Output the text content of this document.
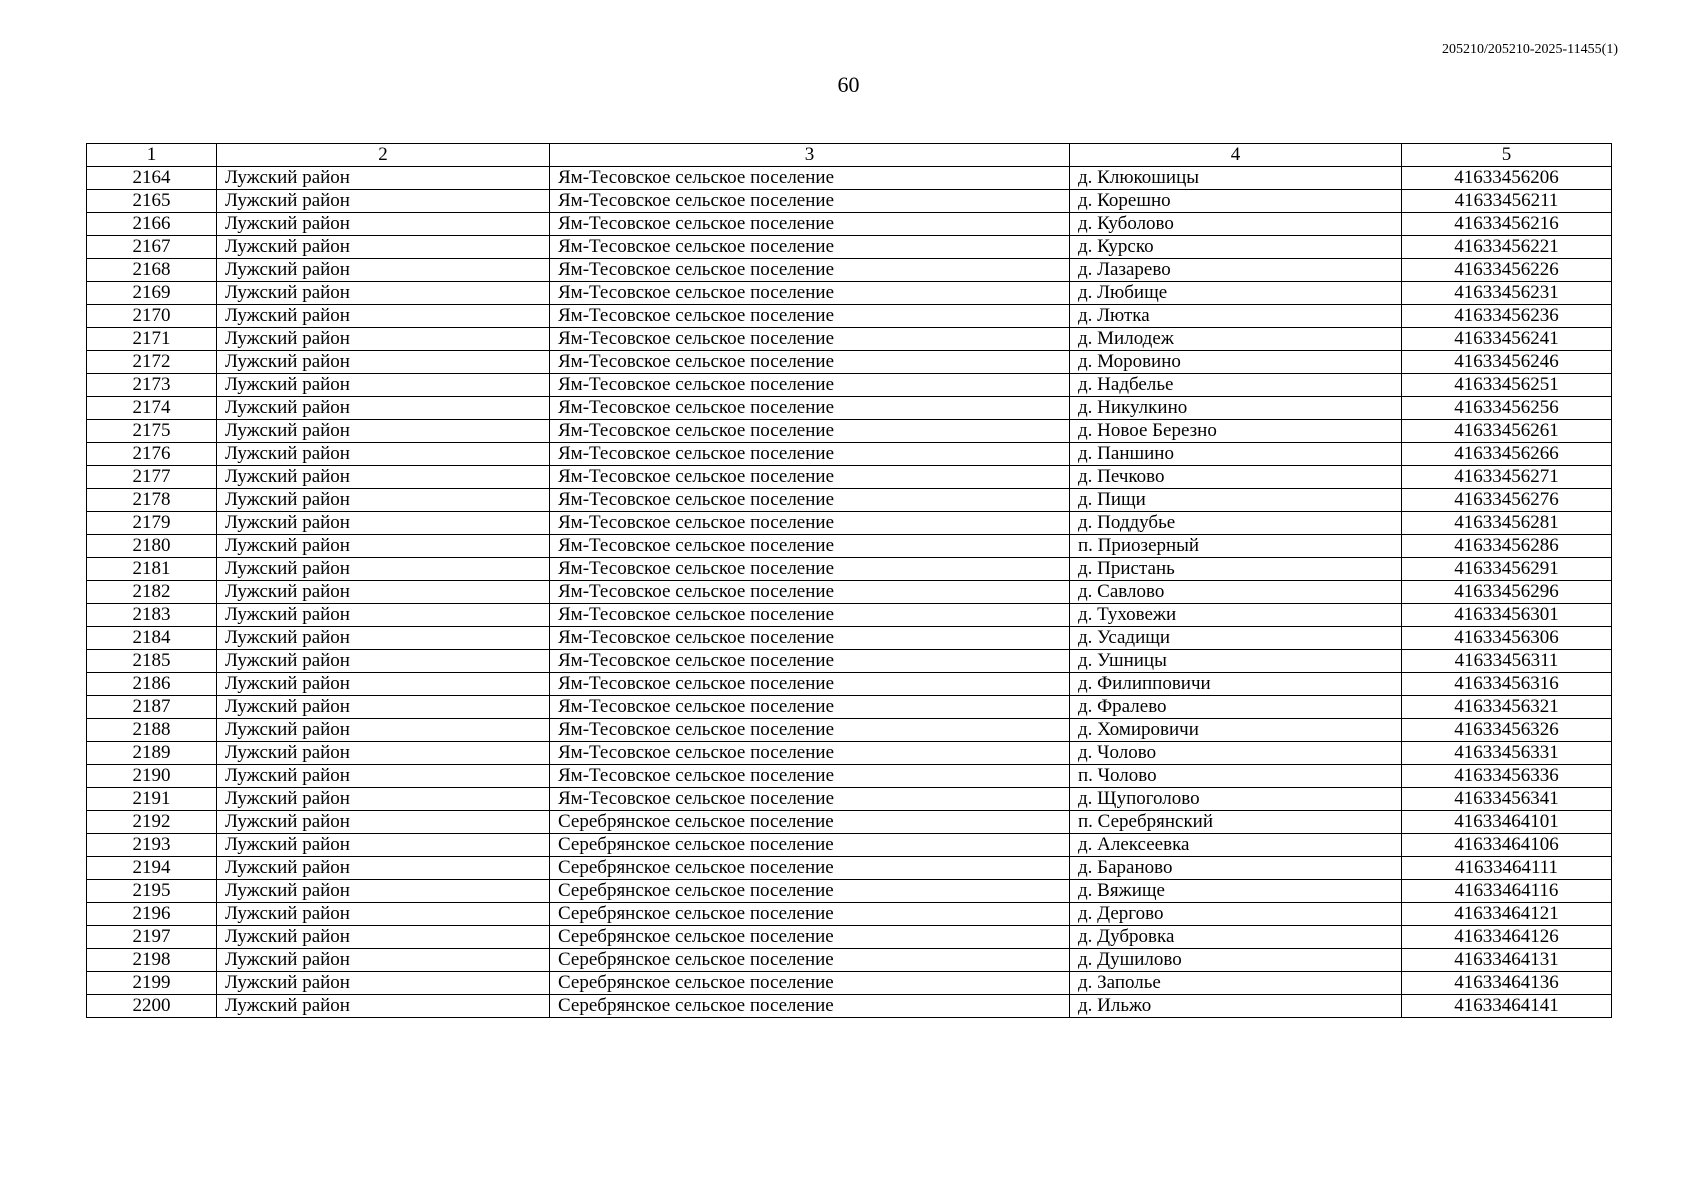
205210/205210-2025-11455(1)
60
1	2	3	4	5
2164	Лужский район	Ям-Тесовское сельское поселение	д. Клюкошицы	41633456206
2165	Лужский район	Ям-Тесовское сельское поселение	д. Корешно	41633456211
2166	Лужский район	Ям-Тесовское сельское поселение	д. Куболово	41633456216
2167	Лужский район	Ям-Тесовское сельское поселение	д. Курско	41633456221
2168	Лужский район	Ям-Тесовское сельское поселение	д. Лазарево	41633456226
2169	Лужский район	Ям-Тесовское сельское поселение	д. Любище	41633456231
2170	Лужский район	Ям-Тесовское сельское поселение	д. Лютка	41633456236
2171	Лужский район	Ям-Тесовское сельское поселение	д. Милодеж	41633456241
2172	Лужский район	Ям-Тесовское сельское поселение	д. Моровино	41633456246
2173	Лужский район	Ям-Тесовское сельское поселение	д. Надбелье	41633456251
2174	Лужский район	Ям-Тесовское сельское поселение	д. Никулкино	41633456256
2175	Лужский район	Ям-Тесовское сельское поселение	д. Новое Березно	41633456261
2176	Лужский район	Ям-Тесовское сельское поселение	д. Паншино	41633456266
2177	Лужский район	Ям-Тесовское сельское поселение	д. Печково	41633456271
2178	Лужский район	Ям-Тесовское сельское поселение	д. Пищи	41633456276
2179	Лужский район	Ям-Тесовское сельское поселение	д. Поддубье	41633456281
2180	Лужский район	Ям-Тесовское сельское поселение	п. Приозерный	41633456286
2181	Лужский район	Ям-Тесовское сельское поселение	д. Пристань	41633456291
2182	Лужский район	Ям-Тесовское сельское поселение	д. Савлово	41633456296
2183	Лужский район	Ям-Тесовское сельское поселение	д. Туховежи	41633456301
2184	Лужский район	Ям-Тесовское сельское поселение	д. Усадищи	41633456306
2185	Лужский район	Ям-Тесовское сельское поселение	д. Ушницы	41633456311
2186	Лужский район	Ям-Тесовское сельское поселение	д. Филипповичи	41633456316
2187	Лужский район	Ям-Тесовское сельское поселение	д. Фралево	41633456321
2188	Лужский район	Ям-Тесовское сельское поселение	д. Хомировичи	41633456326
2189	Лужский район	Ям-Тесовское сельское поселение	д. Чолово	41633456331
2190	Лужский район	Ям-Тесовское сельское поселение	п. Чолово	41633456336
2191	Лужский район	Ям-Тесовское сельское поселение	д. Щупоголово	41633456341
2192	Лужский район	Серебрянское сельское поселение	п. Серебрянский	41633464101
2193	Лужский район	Серебрянское сельское поселение	д. Алексеевка	41633464106
2194	Лужский район	Серебрянское сельское поселение	д. Бараново	41633464111
2195	Лужский район	Серебрянское сельское поселение	д. Вяжище	41633464116
2196	Лужский район	Серебрянское сельское поселение	д. Дергово	41633464121
2197	Лужский район	Серебрянское сельское поселение	д. Дубровка	41633464126
2198	Лужский район	Серебрянское сельское поселение	д. Душилово	41633464131
2199	Лужский район	Серебрянское сельское поселение	д. Заполье	41633464136
2200	Лужский район	Серебрянское сельское поселение	д. Ильжо	41633464141
